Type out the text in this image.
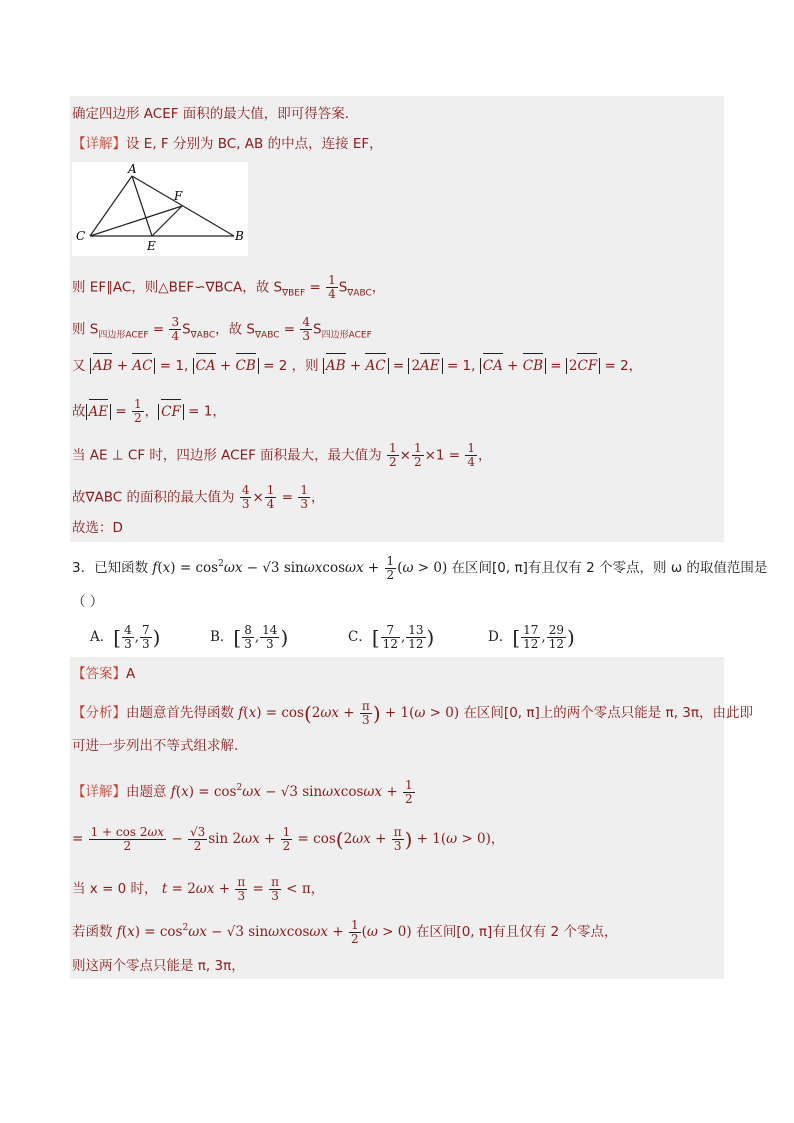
确定四边形 ACEF 面积的最大值，即可得答案.
【详解】设 E, F 分别为 BC, AB 的中点，连接 EF，
A
F
C
E
B
则 EF∥AC，则△BEF∽∇BCA，故 $S_{\nabla BEF} = \frac{1}{4} S_{\nabla ABC}$，
则 $S_{四边形ACEF} = \frac{3}{4} S_{\nabla ABC}$，故 $S_{\nabla ABC} = \frac{4}{3} S_{四边形ACEF}$
又 AB + AC = 1, CA + CB = 2 ，则 AB + AC = 2AE = 1, CA + CB = 2CF = 2，
故 AE = $\frac{1}{2}$ ， CF = 1，
当 AE ⊥ CF 时，四边形 ACEF 面积最大，最大值为 $\frac{1}{2} \times \frac{1}{2} \times 1 = \frac{1}{4}$ ，
故∇ABC 的面积的最大值为 $\frac{4}{3} \times \frac{1}{4} = \frac{1}{3}$ ，
故选：D
3．已知函数 $f(x) = \cos^2\omega x - √3$ $\sin\omega xcos\omega x + \frac{1}{2} (\omega > 0)$ 在区间[0, π]有且仅有 2 个零点，则 ω 的取值范围是
（ ）
A．[ $\frac{4}{3}$ , $\frac{7}{3}$ )	B．[ $\frac{8}{3}$ , $\frac{14}{3}$ )	C．[ $\frac{7}{12}$ , $\frac{13}{12}$ )	D．[ $\frac{17}{12}$ , $\frac{29}{12}$ )
【答案】A
【分析】由题意首先得函数 $f(x) = \cos(2\omega x + \frac{\pi}{3}$ ) + 1(ω > 0) 在区间[0, π]上的两个零点只能是 π, 3π，由此即
可进一步列出不等式组求解.
【详解】由题意 $f(x) = \cos^2\omega x - √3$ $\sin\omega xcos\omega x + \frac{1}{2}$
= $\frac{1 + \cos 2\omega x}{2} - \frac{√3}{2}$ $\sin 2\omega x + \frac{1}{2} = \cos(2\omega x + \frac{\pi}{3}$ ) + 1(ω > 0)，
当 x = 0 时， $t = 2\omega x + \frac{\pi}{3} = \frac{\pi}{3} < \pi$，
若函数 $f(x) = \cos^2\omega x - √3$ $\sin\omega xcos\omega x + \frac{1}{2} (\omega > 0)$ 在区间[0, π]有且仅有 2 个零点，
则这两个零点只能是 π, 3π，
